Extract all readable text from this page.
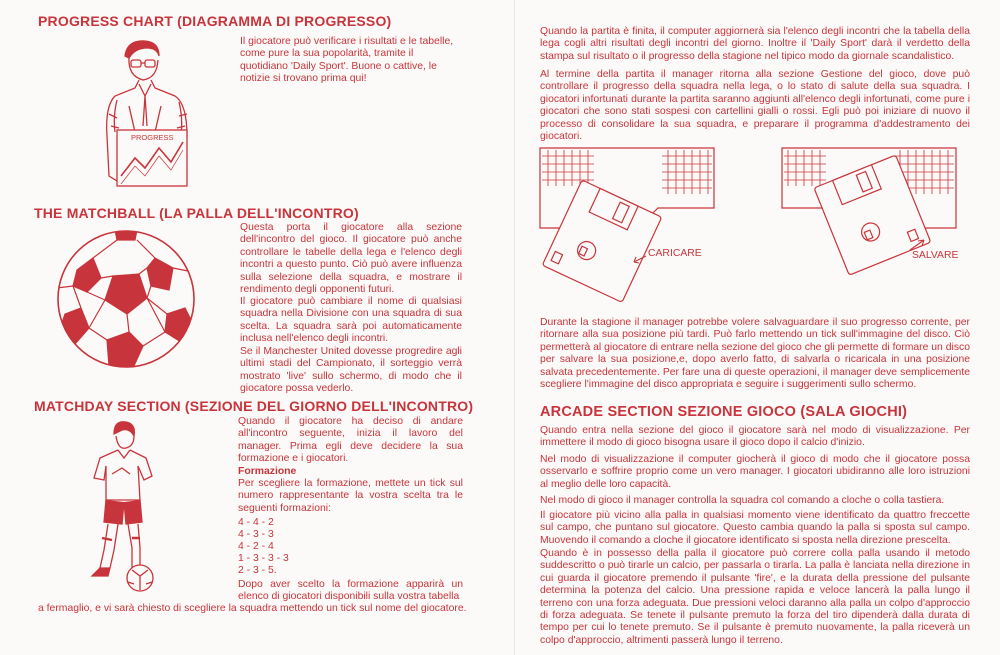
PROGRESS CHART (DIAGRAMMA DI PROGRESSO)
PROGRESS

Il giocatore può verificare i risultati e le tabelle, come pure la sua popolarità, tramite il quotidiano 'Daily Sport'. Buone o cattive, le notizie si trovano prima qui!

THE MATCHBALL (LA PALLA DELL'INCONTRO)

Questa porta il giocatore alla sezione dell'incontro del gioco. Il giocatore può anche controllare le tabelle della lega e l'elenco degli incontri a questo punto. Ciò può avere influenza sulla selezione della squadra, e mostrare il rendimento degli opponenti futuri.

Il giocatore può cambiare il nome di qualsiasi squadra nella Divisione con una squadra di sua scelta. La squadra sarà poi automaticamente inclusa nell'elenco degli incontri.

Se il Manchester United dovesse progredire agli ultimi stadi del Campionato, il sorteggio verrà mostrato 'live' sullo schermo, di modo che il giocatore possa vederlo.

MATCHDAY SECTION (SEZIONE DEL GIORNO DELL'INCONTRO)

Quando il giocatore ha deciso di andare all'incontro seguente, inizia il lavoro del manager. Prima egli deve decidere la sua formazione e i giocatori.

Formazione

Per scegliere la formazione, mettete un tick sul numero rappresentante la vostra scelta tra le seguenti formazioni:

4 - 4 - 2
4 - 3 - 3
4 - 2 - 4
1 - 3 - 3 - 3
2 - 3 - 5.

Dopo aver scelto la formazione apparirà un elenco di giocatori disponibili sulla vostra tabella

a fermaglio, e vi sarà chiesto di scegliere la squadra mettendo un tick sul nome del giocatore.

Quando la partita è finita, il computer aggiornerà sia l'elenco degli incontri che la tabella della lega cogli altri risultati degli incontri del giorno. Inoltre il 'Daily Sport' darà il verdetto della stampa sul risultato o il progresso della stagione nel tipico modo da giornale scandalistico.

Al termine della partita il manager ritorna alla sezione Gestione del gioco, dove può controllare il progresso della squadra nella lega, o lo stato di salute della sua squadra. I giocatori infortunati durante la partita saranno aggiunti all'elenco degli infortunati, come pure i giocatori che sono stati sospesi con cartellini gialli o rossi. Egli può poi iniziare di nuovo il processo di consolidare la sua squadra, e preparare il programma d'addestramento dei giocatori.

CARICARE	SALVARE

Durante la stagione il manager potrebbe volere salvaguardare il suo progresso corrente, per ritornare alla sua posizione più tardi. Può farlo mettendo un tick sull'immagine del disco. Ciò permetterà al giocatore di entrare nella sezione del gioco che gli permette di formare un disco per salvare la sua posizione,e, dopo averlo fatto, di salvarla o ricaricala in una posizione salvata precedentemente. Per fare una di queste operazioni, il manager deve semplicemente scegliere l'immagine del disco appropriata e seguire i suggerimenti sullo schermo.

ARCADE SECTION SEZIONE GIOCO (SALA GIOCHI)

Quando entra nella sezione del gioco il giocatore sarà nel modo di visualizzazione. Per immettere il modo di gioco bisogna usare il gioco dopo il calcio d'inizio.

Nel modo di visualizzazione il computer giocherà il gioco di modo che il giocatore possa osservarlo e soffrire proprio come un vero manager. I giocatori ubidiranno alle loro istruzioni al meglio delle loro capacità.

Nel modo di gioco il manager controlla la squadra col comando a cloche o colla tastiera.

Il giocatore più vicino alla palla in qualsiasi momento viene identificato da quattro freccette sul campo, che puntano sul giocatore. Questo cambia quando la palla si sposta sul campo. Muovendo il comando a cloche il giocatore identificato si sposta nella direzione prescelta.

Quando è in possesso della palla il giocatore può correre colla palla usando il metodo suddescritto o può tirarle un calcio, per passarla o tirarla. La palla è lanciata nella direzione in cui guarda il giocatore premendo il pulsante 'fire', e la durata della pressione del pulsante determina la potenza del calcio. Una pressione rapida e veloce lancerà la palla lungo il terreno con una forza adeguata. Due pressioni veloci daranno alla palla un colpo d'approccio di forza adeguata. Se tenete il pulsante premuto la forza del tiro dipenderà dalla durata di tempo per cui lo tenete premuto. Se il pulsante è premuto nuovamente, la palla riceverà un colpo d'approccio, altrimenti passerà lungo il terreno.
